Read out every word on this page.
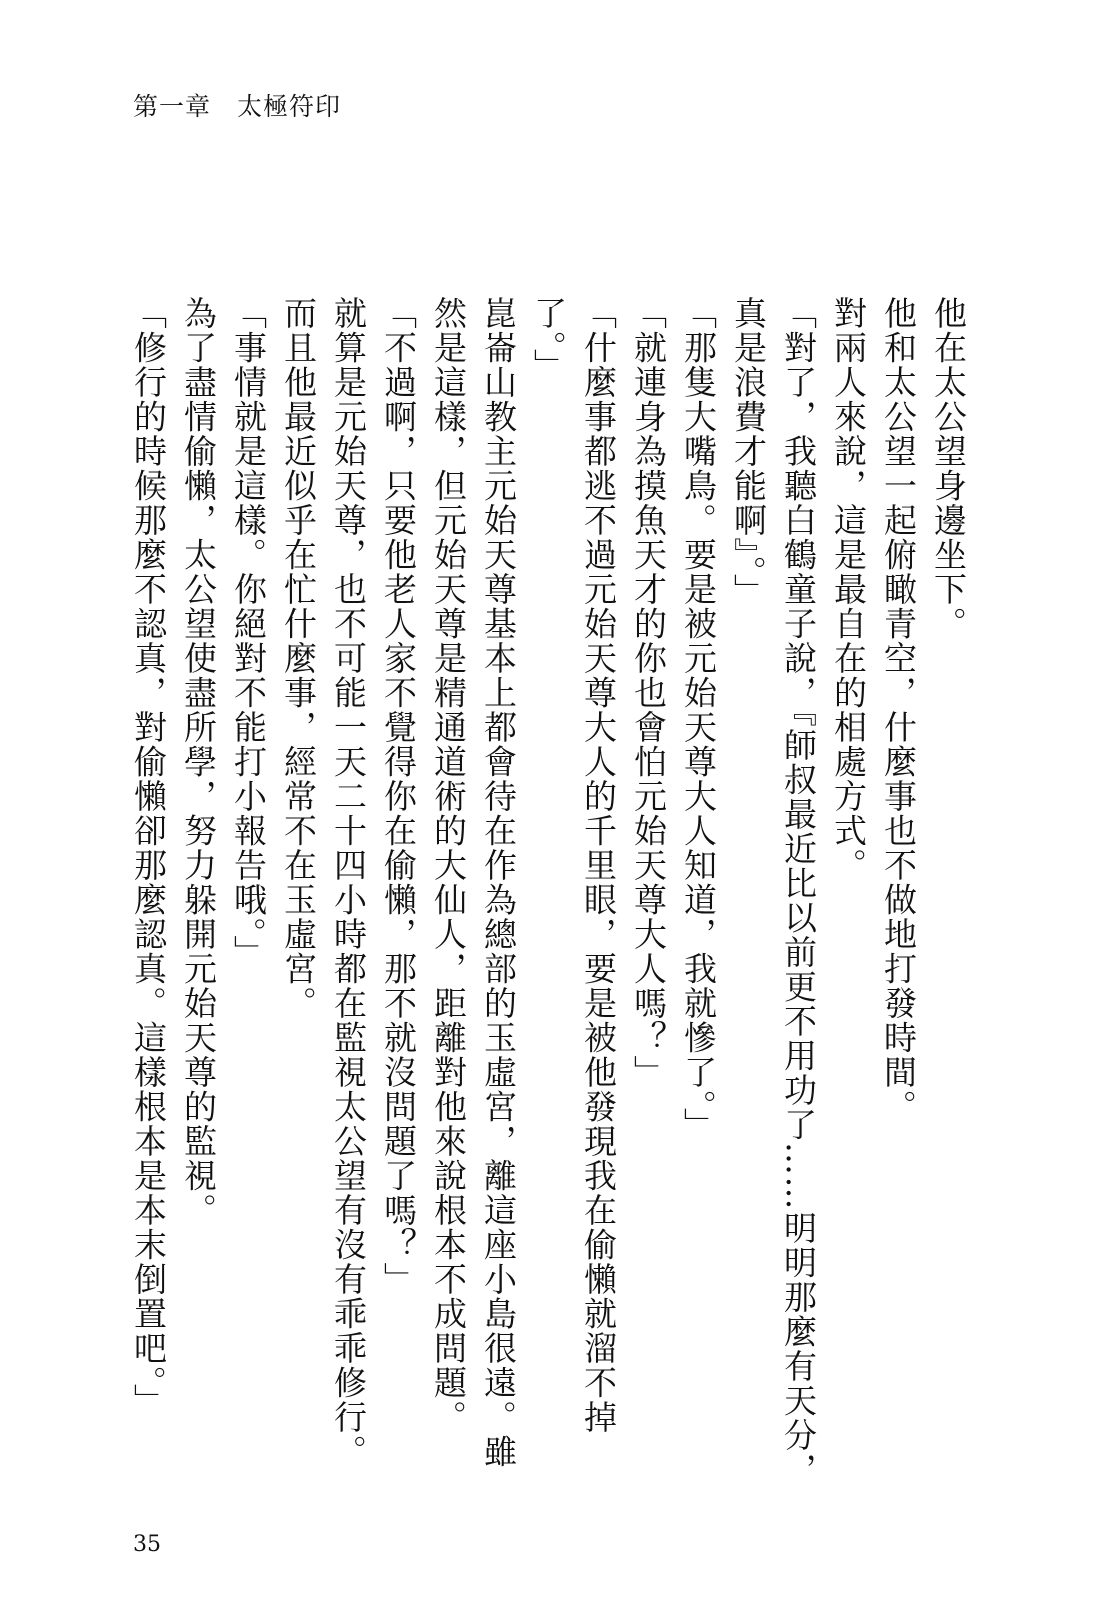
第一章 太極符印

他在太公望身邊坐下。

他和太公望一起俯瞰青空，什麼事也不做地打發時間。

對兩人來說，這是最自在的相處方式。

「對了，我聽白鶴童子說，『師叔最近比以前更不用功了……明明那麼有天分，真是浪費才能啊』。」

「那隻大嘴鳥。要是被元始天尊大人知道，我就慘了。」

「就連身為摸魚天才的你也會怕元始天尊大人嗎？」

「什麼事都逃不過元始天尊大人的千里眼，要是被他發現我在偷懶就溜不掉了。」

崑崙山教主元始天尊基本上都會待在作為總部的玉虛宮，離這座小島很遠。雖然是這樣，但元始天尊是精通道術的大仙人，距離對他來說根本不成問題。

「不過啊，只要他老人家不覺得你在偷懶，那不就沒問題了嗎？」

就算是元始天尊，也不可能一天二十四小時都在監視太公望有沒有乖乖修行。而且他最近似乎在忙什麼事，經常不在玉虛宮。

「事情就是這樣。你絕對不能打小報告哦。」

為了盡情偷懶，太公望使盡所學，努力躲開元始天尊的監視。

「修行的時候那麼不認真，對偷懶卻那麼認真。這樣根本是本末倒置吧。」

35
